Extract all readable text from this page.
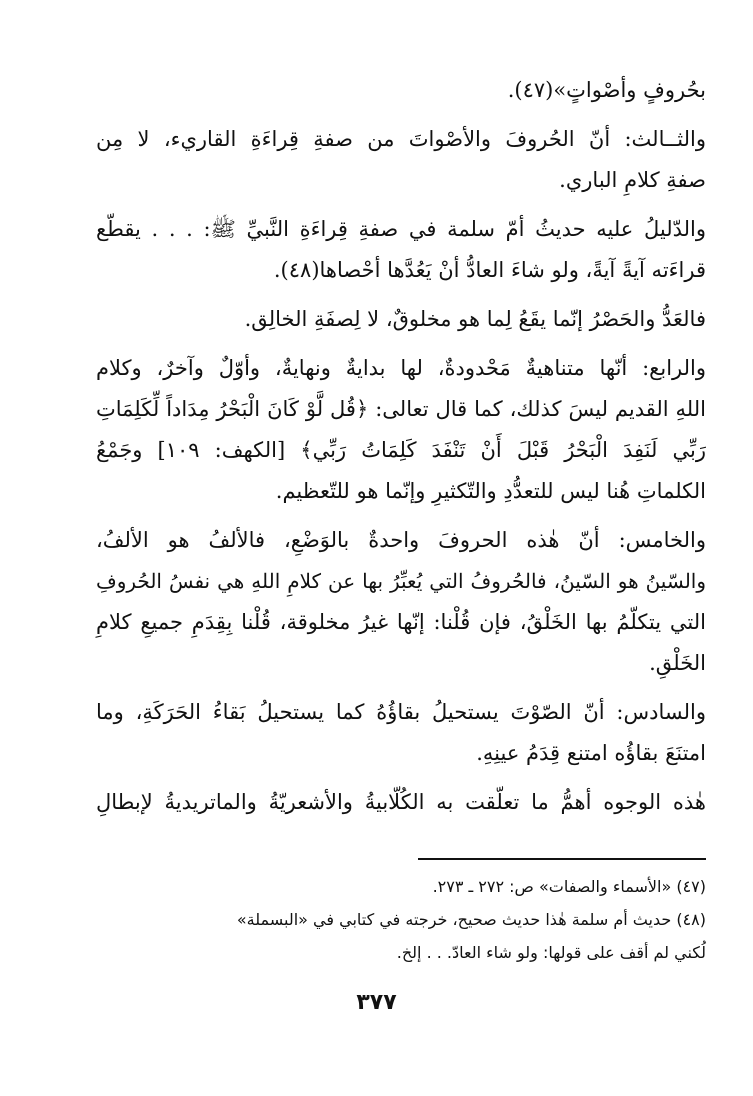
بحُروفٍ وأصْواتٍ»(٤٧).
والثــالث: أنّ الحُروفَ والأصْواتَ من صفةِ قِراءَةِ القاريء، لا مِن
صفةِ كلامِ الباري.
والدّليلُ عليه حديثُ أمّ سلمة في صفةِ قِراءَةِ النَّبيِّ ﷺ: . . . يقطّع
قراءَته آيةً آيةً، ولو شاءَ العادُّ أنْ يَعُدَّها أحْصاها(٤٨).
فالعَدُّ والحَصْرُ إنّما يقَعُ لِما هو مخلوقٌ، لا لِصفَةِ الخالِق.
والرابع: أنّها متناهيةٌ مَحْدودةٌ، لها بدايةٌ ونهايةٌ، وأوّلٌ وآخرٌ، وكلام
اللهِ القديم ليسَ كذلك، كما قال تعالى: ﴿قُل لَّوْ كَانَ الْبَحْرُ مِدَاداً لِّكَلِمَاتِ
رَبِّي لَنَفِدَ الْبَحْرُ قَبْلَ أَنْ تَنْفَدَ كَلِمَاتُ رَبِّي﴾ [الكهف: ١٠٩] وجَمْعُ
الكلماتِ هُنا ليس للتعدُّدِ والتّكثيرِ وإنّما هو للتّعظيم.
والخامس: أنّ هٰذه الحروفَ واحدةٌ بالوَضْعِ، فالألفُ هو الألفُ،
والسّينُ هو السّينُ، فالحُروفُ التي يُعبِّرُ بها عن كلامِ اللهِ هي نفسُ الحُروفِ
التي يتكلّمُ بها الخَلْقُ، فإن قُلْنا: إنّها غيرُ مخلوقة، قُلْنا بِقِدَمِ جميعِ كلامِ
الخَلْقِ.
والسادس: أنّ الصّوْتَ يستحيلُ بقاؤُهُ كما يستحيلُ بَقاءُ الحَرَكَةِ، وما
امتنَعَ بقاؤُه امتنع قِدَمُ عينِهِ.
هٰذه الوجوه أهمُّ ما تعلّقت به الكُلّابيةُ والأشعريّةُ والماتريديةُ لإبطالِ
(٤٧) «الأسماء والصفات» ص: ٢٧٢ ـ ٢٧٣.
(٤٨) حديث أم سلمة هٰذا حديث صحيح، خرجته في كتابي في «البسملة»
لُكني لم أقف على قولها: ولو شاء العادّ. . . إلخ.
٣٧٧
